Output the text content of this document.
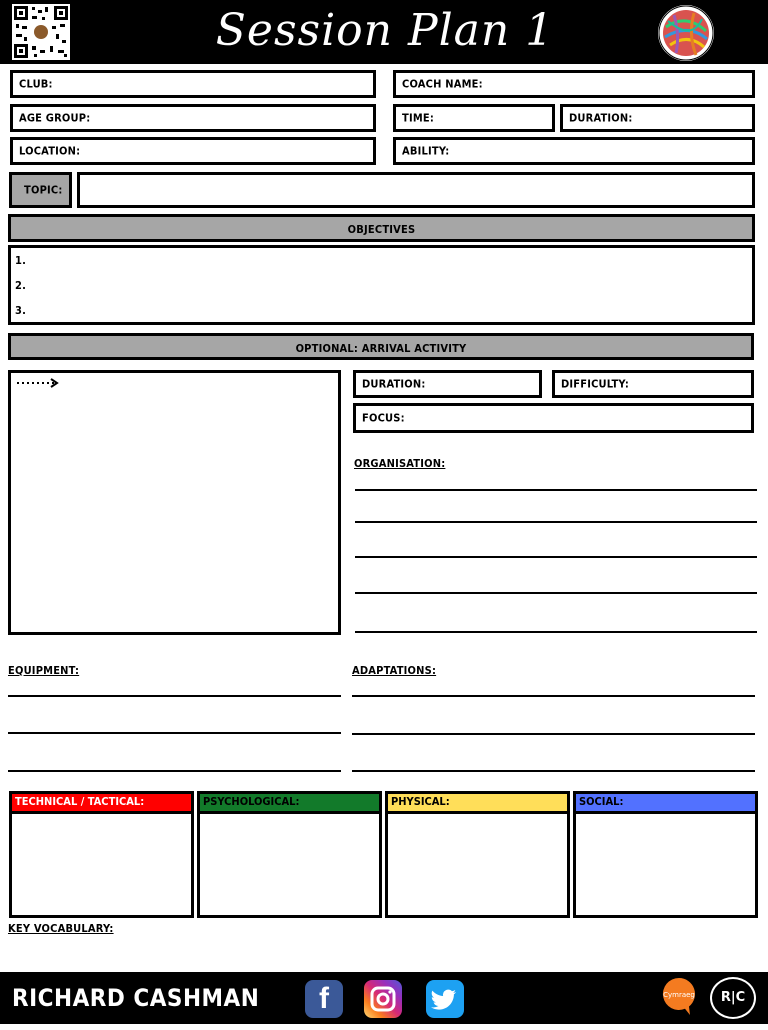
Session Plan 1
CLUB:	COACH NAME:
AGE GROUP:	TIME:	DURATION:
LOCATION:	ABILITY:
TOPIC:
OBJECTIVES
1.
2.
3.
OPTIONAL: ARRIVAL ACTIVITY
DURATION:	DIFFICULTY:
FOCUS:
ORGANISATION:
EQUIPMENT:	ADAPTATIONS:
TECHNICAL / TACTICAL:	PSYCHOLOGICAL:	PHYSICAL:	SOCIAL:
KEY VOCABULARY:
RICHARD CASHMAN	f	Cymraeg	R|C
